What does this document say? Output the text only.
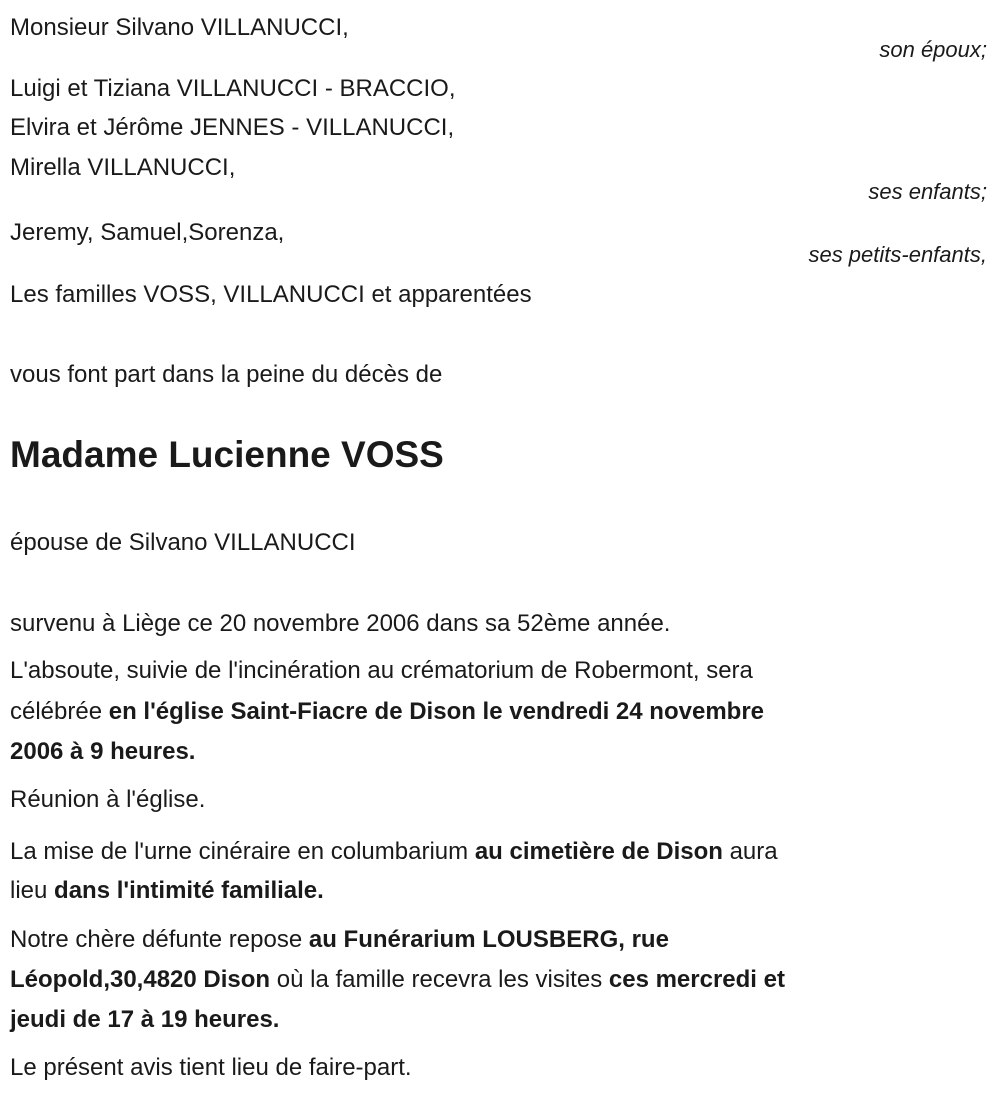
Monsieur Silvano VILLANUCCI,
son époux;
Luigi et Tiziana VILLANUCCI - BRACCIO,
Elvira et Jérôme JENNES - VILLANUCCI,
Mirella VILLANUCCI,
ses enfants;
Jeremy, Samuel,Sorenza,
ses petits-enfants,
Les familles VOSS, VILLANUCCI et apparentées
vous font part dans la peine du décès de
Madame Lucienne VOSS
épouse de Silvano VILLANUCCI
survenu à Liège ce 20 novembre 2006 dans sa 52ème année.
L'absoute, suivie de l'incinération au crématorium de Robermont, sera
célébrée en l'église Saint-Fiacre de Dison le vendredi 24 novembre
2006 à 9 heures.
Réunion à l'église.
La mise de l'urne cinéraire en columbarium au cimetière de Dison aura
lieu dans l'intimité familiale.
Notre chère défunte repose au Funérarium LOUSBERG, rue
Léopold,30,4820 Dison où la famille recevra les visites ces mercredi et
jeudi de 17 à 19 heures.
Le présent avis tient lieu de faire-part.
